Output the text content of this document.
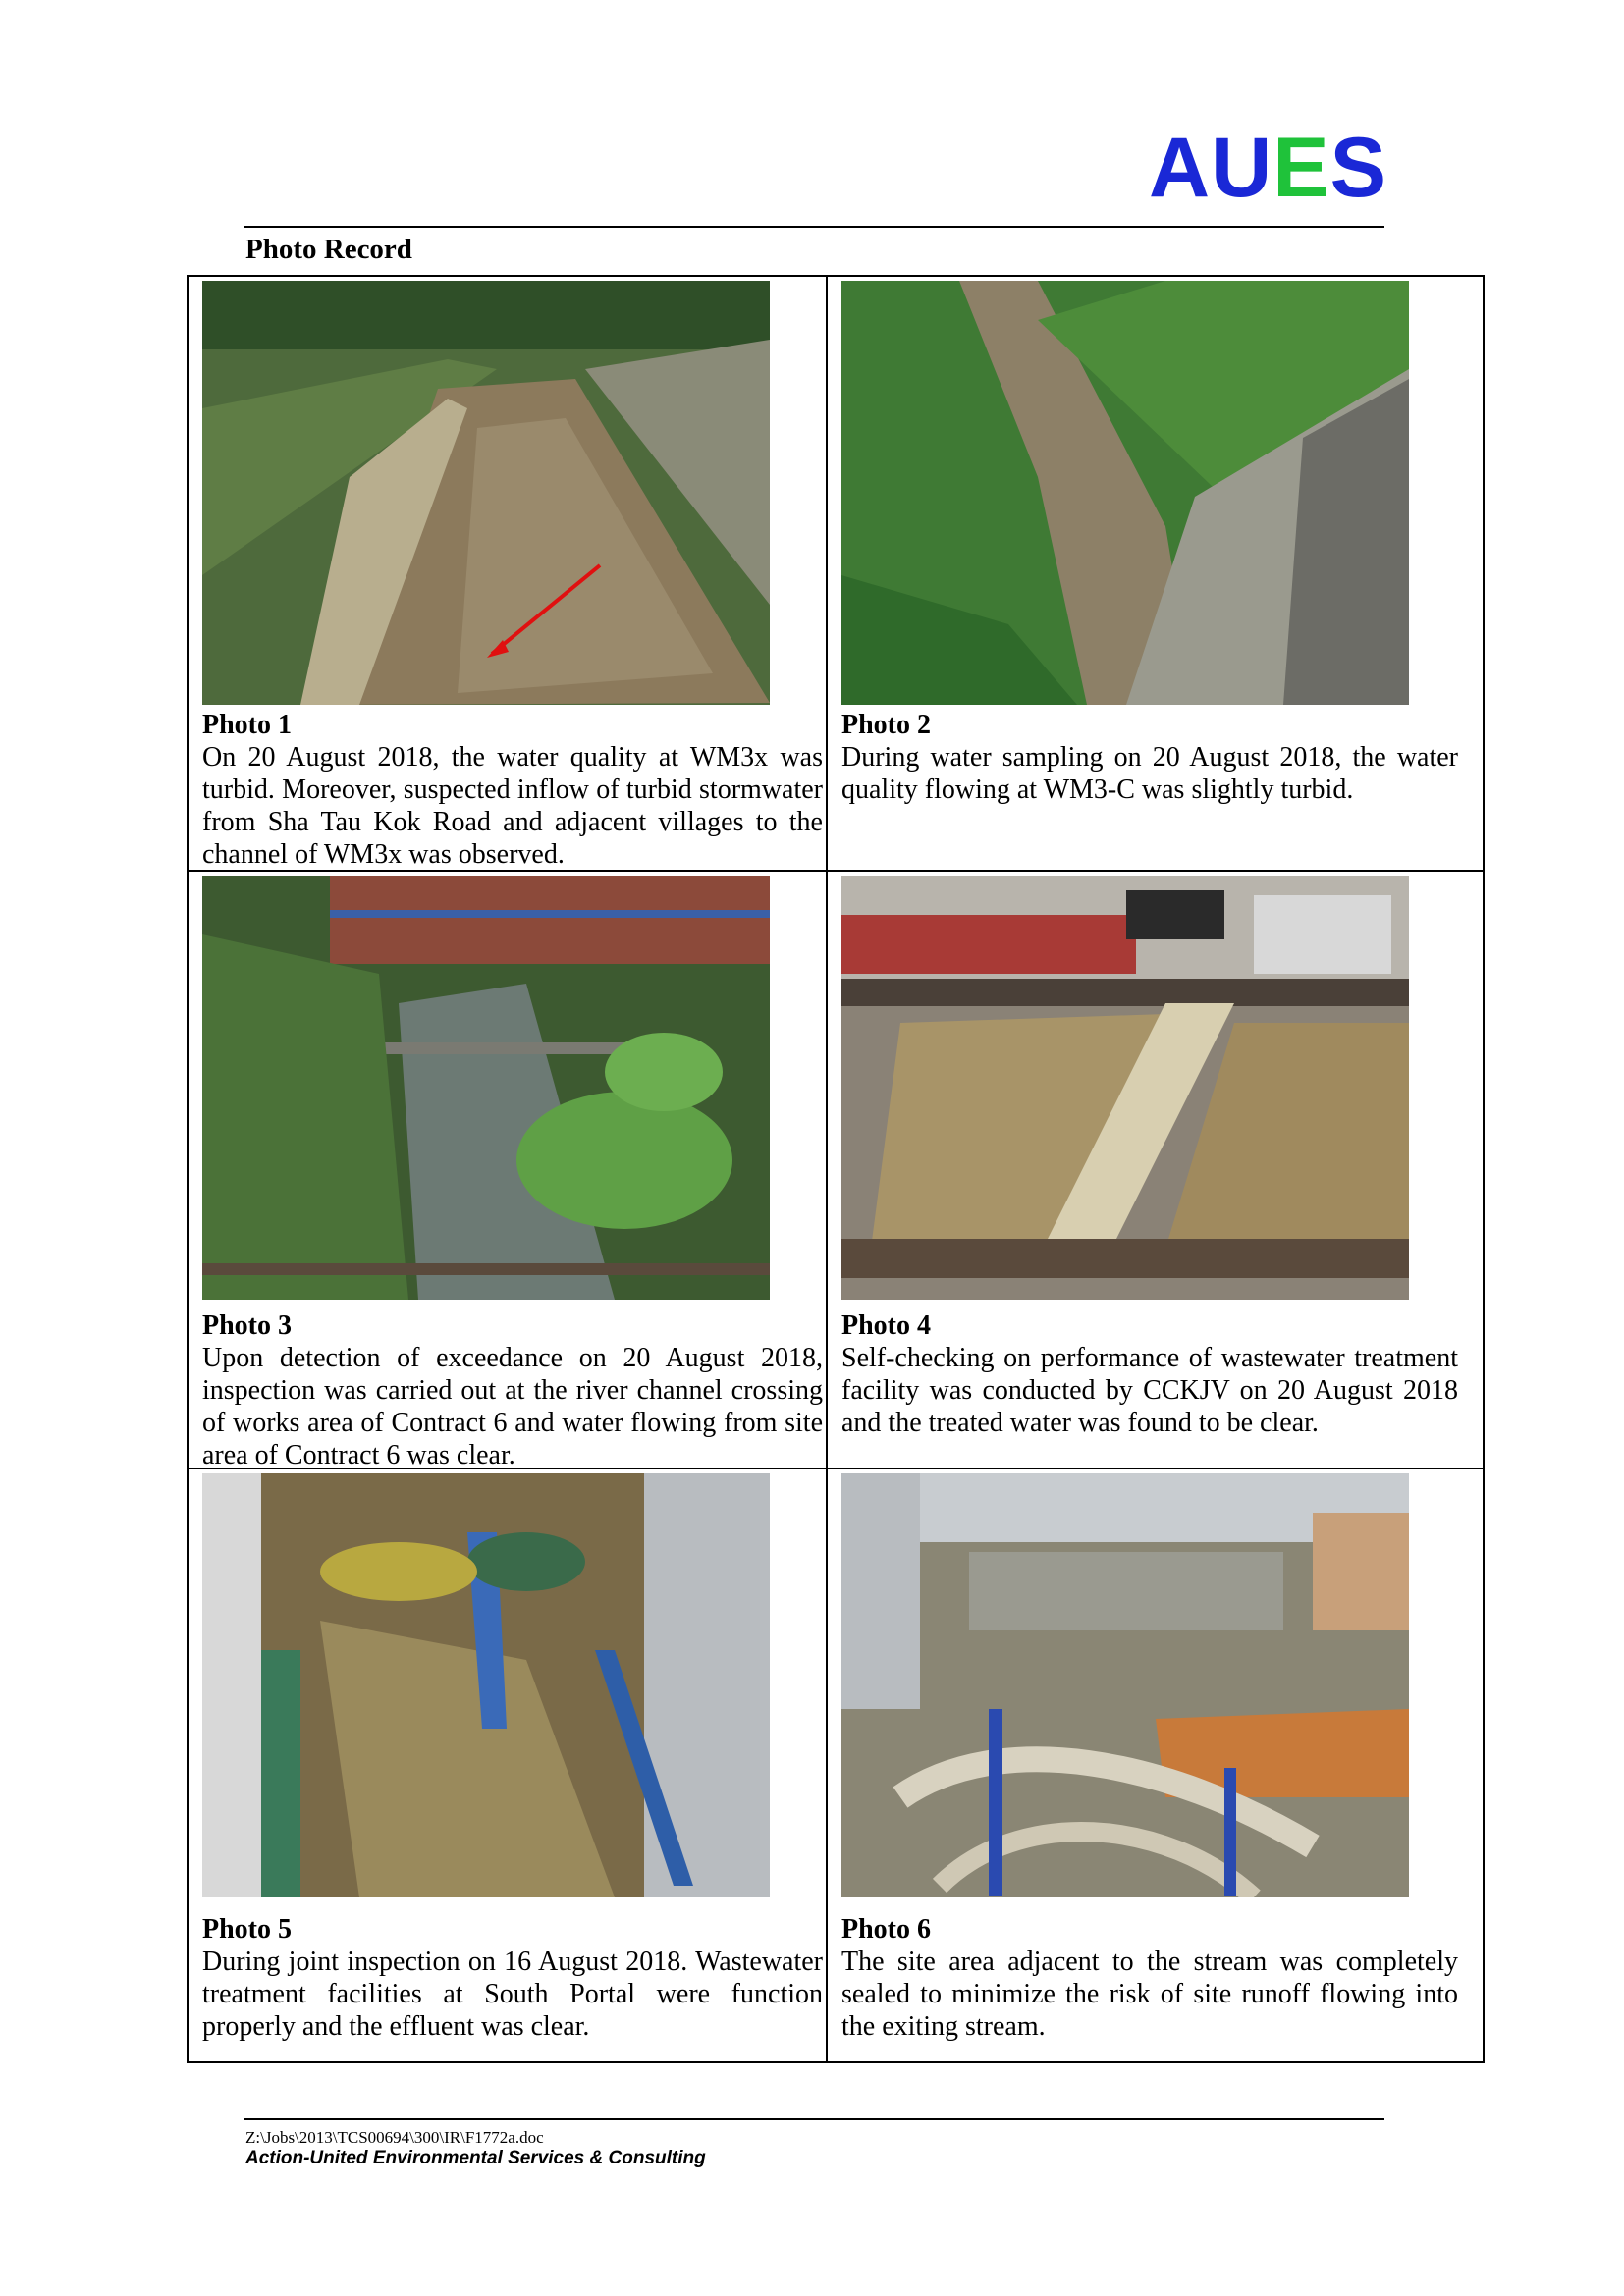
AUES
Photo Record
Photo 1
On 20 August 2018, the water quality at WM3x was turbid. Moreover, suspected inflow of turbid stormwater from Sha Tau Kok Road and adjacent villages to the channel of WM3x was observed.
Photo 2
During water sampling on 20 August 2018, the water quality flowing at WM3-C was slightly turbid.
Photo 3
Upon detection of exceedance on 20 August 2018, inspection was carried out at the river channel crossing of works area of Contract 6 and water flowing from site area of Contract 6 was clear.
Photo 4
Self-checking on performance of wastewater treatment facility was conducted by CCKJV on 20 August 2018 and the treated water was found to be clear.
Photo 5
During joint inspection on 16 August 2018. Wastewater treatment facilities at South Portal were function properly and the effluent was clear.
Photo 6
The site area adjacent to the stream was completely sealed to minimize the risk of site runoff flowing into the exiting stream.
Z:\Jobs\2013\TCS00694\300\IR\F1772a.doc
Action-United Environmental Services & Consulting
